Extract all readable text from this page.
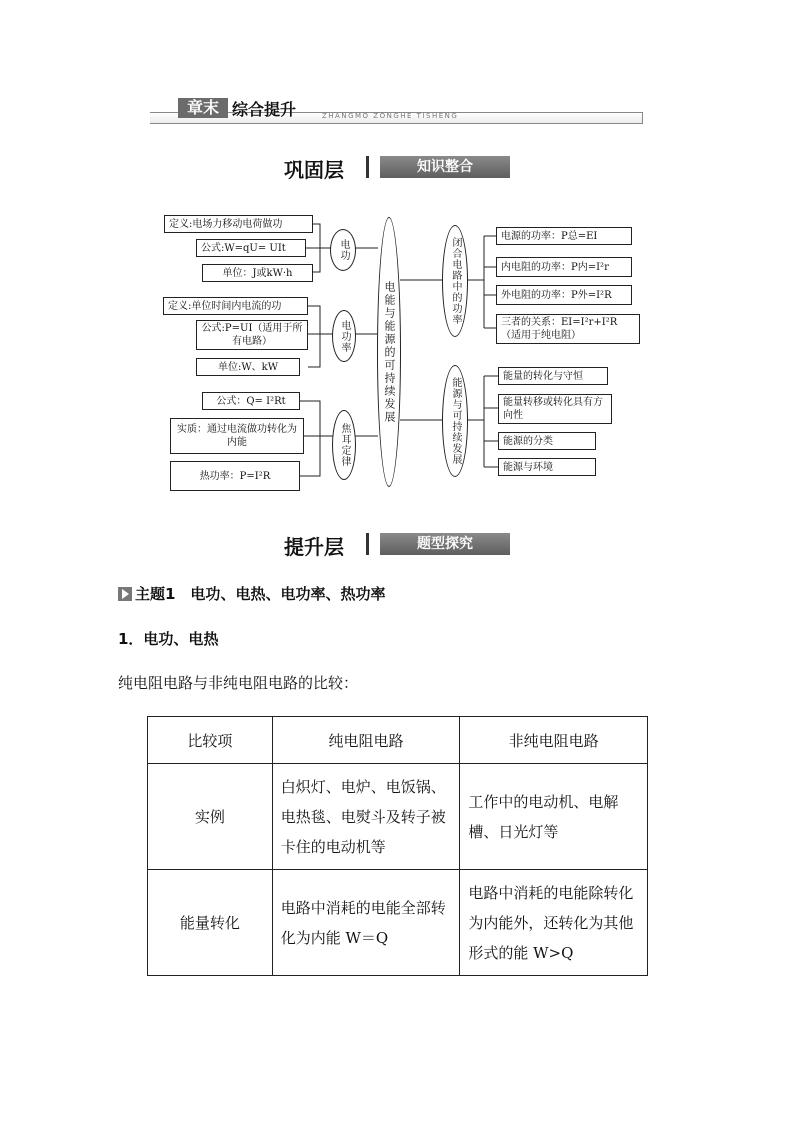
章末 综合提升	ZHANGMO ZONGHE TISHENG
巩固层	知识整合
电能与能源的可持续发展
电功
电功率
焦耳定律
闭合电路中的功率
能源与可持续发展
定义:电场力移动电荷做功
公式:W=qU= UIt
单位：J或kW·h
定义:单位时间内电流的功
公式:P=UI（适用于所有电路）
单位:W、kW
公式：Q= I²Rt
实质：通过电流做功转化为内能
热功率：P=I²R
电源的功率：P总=EI
内电阻的功率：P内=I²r
外电阻的功率：P外=I²R
三者的关系：EI=I²r+I²R（适用于纯电阻）
能量的转化与守恒
能量转移或转化具有方向性
能源的分类
能源与环境
提升层	题型探究
主题1　电功、电热、电功率、热功率
1．电功、电热
纯电阻电路与非纯电阻电路的比较：
比较项	纯电阻电路	非纯电阻电路
实例	白炽灯、电炉、电饭锅、电热毯、电熨斗及转子被卡住的电动机等	工作中的电动机、电解槽、日光灯等
能量转化	电路中消耗的电能全部转化为内能 W＝Q	电路中消耗的电能除转化为内能外，还转化为其他形式的能 W>Q
